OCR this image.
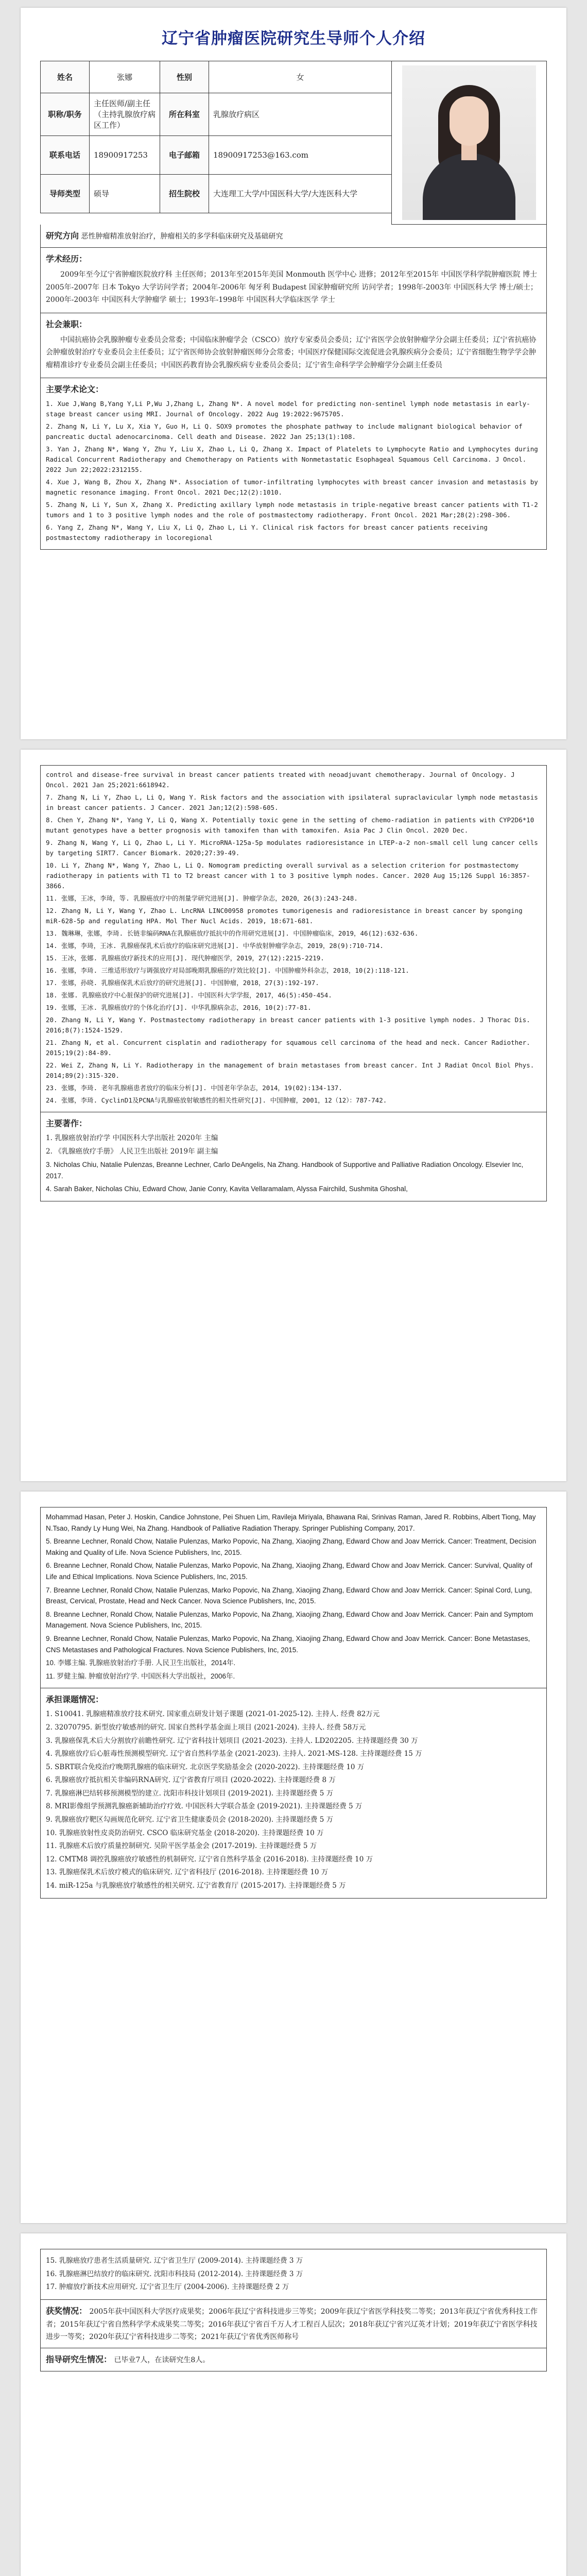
辽宁省肿瘤医院研究生导师个人介绍
姓名	张娜	性别	女	

职称/职务	主任医师/副主任（主持乳腺放疗病区工作）	所在科室	乳腺放疗病区	
联系电话	18900917253	电子邮箱	18900917253@163.com	
导师类型	硕导	招生院校	大连理工大学/中国医科大学/大连医科大学	

研究方向 恶性肿瘤精准放射治疗，肿瘤相关的多学科临床研究及基础研究
学术经历：
2009年至今辽宁省肿瘤医院放疗科 主任医师；2013年至2015年美国 Monmouth 医学中心 进修；2012年至2015年 中国医学科学院肿瘤医院 博士 2005年-2007年 日本 Tokyo 大学访问学者；2004年-2006年 匈牙利 Budapest 国家肿瘤研究所 访问学者；1998年-2003年 中国医科大学 博士/硕士；2000年-2003年 中国医科大学肿瘤学 硕士；1993年-1998年 中国医科大学临床医学 学士
社会兼职：
中国抗癌协会乳腺肿瘤专业委员会常委；中国临床肿瘤学会（CSCO）放疗专家委员会委员；辽宁省医学会放射肿瘤学分会副主任委员；辽宁省抗癌协会肿瘤放射治疗专业委员会主任委员；辽宁省医师协会放射肿瘤医师分会常委；中国医疗保健国际交流促进会乳腺疾病分会委员；辽宁省细胞生物学学会肿瘤精准诊疗专业委员会副主任委员；中国医药教育协会乳腺疾病专业委员会委员；辽宁省生命科学学会肿瘤学分会副主任委员
主要学术论文：
1. Xue J,Wang B,Yang Y,Li P,Wu J,Zhang L, Zhang N*. A novel model for predicting non-sentinel lymph node metastasis in early-stage breast cancer using MRI. Journal of Oncology. 2022 Aug 19:2022:9675705.
2. Zhang N, Li Y, Lu X, Xia Y, Guo H, Li Q. SOX9 promotes the phosphate pathway to include malignant biological behavior of pancreatic ductal adenocarcinoma. Cell death and Disease. 2022 Jan 25;13(1):108.
3. Yan J, Zhang N*, Wang Y, Zhu Y, Liu X, Zhao L, Li Q, Zhang X. Impact of Platelets to Lymphocyte Ratio and Lymphocytes during Radical Concurrent Radiotherapy and Chemotherapy on Patients with Nonmetastatic Esophageal Squamous Cell Carcinoma. J Oncol. 2022 Jun 22;2022:2312155.
4. Xue J, Wang B, Zhou X, Zhang N*. Association of tumor-infiltrating lymphocytes with breast cancer invasion and metastasis by magnetic resonance imaging. Front Oncol. 2021 Dec;12(2):1010.
5. Zhang N, Li Y, Sun X, Zhang X. Predicting axillary lymph node metastasis in triple-negative breast cancer patients with T1-2 tumors and 1 to 3 positive lymph nodes and the role of postmastectomy radiotherapy. Front Oncol. 2021 Mar;28(2):298-306.
6. Yang Z, Zhang N*, Wang Y, Liu X, Li Q, Zhao L, Li Y. Clinical risk factors for breast cancer patients receiving postmastectomy radiotherapy in locoregional
control and disease-free survival in breast cancer patients treated with neoadjuvant chemotherapy. Journal of Oncology. J Oncol. 2021 Jan 25;2021:6618942.
7. Zhang N, Li Y, Zhao L, Li Q, Wang Y. Risk factors and the association with ipsilateral supraclavicular lymph node metastasis in breast cancer patients. J Cancer. 2021 Jan;12(2):598-605.
8. Chen Y, Zhang N*, Yang Y, Li Q, Wang X. Potentially toxic gene in the setting of chemo-radiation in patients with CYP2D6*10 mutant genotypes have a better prognosis with tamoxifen than with tamoxifen. Asia Pac J Clin Oncol. 2020 Dec.
9. Zhang N, Wang Y, Li Q, Zhao L, Li Y. MicroRNA-125a-5p modulates radioresistance in LTEP-a-2 non-small cell lung cancer cells by targeting SIRT7. Cancer Biomark. 2020;27:39-49.
10. Li Y, Zhang N*, Wang Y, Zhao L, Li Q. Nomogram predicting overall survival as a selection criterion for postmastectomy radiotherapy in patients with T1 to T2 breast cancer with 1 to 3 positive lymph nodes. Cancer. 2020 Aug 15;126 Suppl 16:3857-3866.
11. 张娜，王冰，李琦，等. 乳腺癌放疗中的剂量学研究进展[J]. 肿瘤学杂志，2020，26(3):243-248.
12. Zhang N, Li Y, Wang Y, Zhao L. LncRNA LINC00958 promotes tumorigenesis and radioresistance in breast cancer by sponging miR-628-5p and regulating HPA. Mol Ther Nucl Acids. 2019, 18:671-681.
13. 魏琳琳，张娜，李琦. 长链非编码RNA在乳腺癌放疗抵抗中的作用研究进展[J]. 中国肿瘤临床，2019，46(12):632-636.
14. 张娜，李琦，王冰. 乳腺癌保乳术后放疗的临床研究进展[J]. 中华放射肿瘤学杂志，2019，28(9):710-714.
15. 王冰，张娜. 乳腺癌放疗新技术的应用[J]. 现代肿瘤医学，2019，27(12):2215-2219.
16. 张娜，李琦. 三维适形放疗与调强放疗对局部晚期乳腺癌的疗效比较[J]. 中国肿瘤外科杂志，2018，10(2):118-121.
17. 张娜，孙晓. 乳腺癌保乳术后放疗的研究进展[J]. 中国肿瘤，2018，27(3):192-197.
18. 张娜. 乳腺癌放疗中心脏保护的研究进展[J]. 中国医科大学学报，2017，46(5):450-454.
19. 张娜，王冰. 乳腺癌放疗的个体化治疗[J]. 中华乳腺病杂志，2016，10(2):77-81.
20. Zhang N, Li Y, Wang Y. Postmastectomy radiotherapy in breast cancer patients with 1-3 positive lymph nodes. J Thorac Dis. 2016;8(7):1524-1529.
21. Zhang N, et al. Concurrent cisplatin and radiotherapy for squamous cell carcinoma of the head and neck. Cancer Radiother. 2015;19(2):84-89.
22. Wei Z, Zhang N, Li Y. Radiotherapy in the management of brain metastases from breast cancer. Int J Radiat Oncol Biol Phys. 2014;89(2):315-320.
23. 张娜，李琦. 老年乳腺癌患者放疗的临床分析[J]. 中国老年学杂志，2014，19(02):134-137.
24. 张娜，李琦. CyclinD1及PCNA与乳腺癌放射敏感性的相关性研究[J]. 中国肿瘤，2001，12（12）：787-742.
主要著作：
1. 乳腺癌放射治疗学 中国医科大学出版社 2020年 主编
2. 《乳腺癌放疗手册》 人民卫生出版社 2019年 副主编
3. Nicholas Chiu, Natalie Pulenzas, Breanne Lechner, Carlo DeAngelis, Na Zhang. Handbook of Supportive and Palliative Radiation Oncology. Elsevier Inc, 2017.
4. Sarah Baker, Nicholas Chiu, Edward Chow, Janie Conry, Kavita Vellaramalam, Alyssa Fairchild, Sushmita Ghoshal,
Mohammad Hasan, Peter J. Hoskin, Candice Johnstone, Pei Shuen Lim, Ravileja Miriyala, Bhawana Rai, Srinivas Raman, Jared R. Robbins, Albert Tiong, May N.Tsao, Randy Ly Hung Wei, Na Zhang. Handbook of Palliative Radiation Therapy. Springer Publishing Company, 2017.
5. Breanne Lechner, Ronald Chow, Natalie Pulenzas, Marko Popovic, Na Zhang, Xiaojing Zhang, Edward Chow and Joav Merrick. Cancer: Treatment, Decision Making and Quality of Life. Nova Science Publishers, Inc, 2015.
6. Breanne Lechner, Ronald Chow, Natalie Pulenzas, Marko Popovic, Na Zhang, Xiaojing Zhang, Edward Chow and Joav Merrick. Cancer: Survival, Quality of Life and Ethical Implications. Nova Science Publishers, Inc, 2015.
7. Breanne Lechner, Ronald Chow, Natalie Pulenzas, Marko Popovic, Na Zhang, Xiaojing Zhang, Edward Chow and Joav Merrick. Cancer: Spinal Cord, Lung, Breast, Cervical, Prostate, Head and Neck Cancer. Nova Science Publishers, Inc, 2015.
8. Breanne Lechner, Ronald Chow, Natalie Pulenzas, Marko Popovic, Na Zhang, Xiaojing Zhang, Edward Chow and Joav Merrick. Cancer: Pain and Symptom Management. Nova Science Publishers, Inc, 2015.
9. Breanne Lechner, Ronald Chow, Natalie Pulenzas, Marko Popovic, Na Zhang, Xiaojing Zhang, Edward Chow and Joav Merrick. Cancer: Bone Metastases, CNS Metastases and Pathological Fractures. Nova Science Publishers, Inc, 2015.
10. 李娜主编. 乳腺癌放射治疗手册. 人民卫生出版社，2014年.
11. 罗健主编. 肿瘤放射治疗学. 中国医科大学出版社，2006年.
承担课题情况：
1. S10041. 乳腺癌精准放疗技术研究. 国家重点研发计划子课题 (2021-01-2025-12). 主持人. 经费 82万元
2. 32070795. 新型放疗敏感剂的研究. 国家自然科学基金面上项目 (2021-2024). 主持人. 经费 58万元
3. 乳腺癌保乳术后大分割放疗前瞻性研究. 辽宁省科技计划项目 (2021-2023). 主持人. LD202205. 主持课题经费 30 万
4. 乳腺癌放疗后心脏毒性预测模型研究. 辽宁省自然科学基金 (2021-2023). 主持人. 2021-MS-128. 主持课题经费 15 万
5. SBRT联合免疫治疗晚期乳腺癌的临床研究. 北京医学奖励基金会 (2020-2022). 主持课题经费 10 万
6. 乳腺癌放疗抵抗相关非编码RNA研究. 辽宁省教育厅项目 (2020-2022). 主持课题经费 8 万
7. 乳腺癌淋巴结转移预测模型的建立. 沈阳市科技计划项目 (2019-2021). 主持课题经费 5 万
8. MRI影像组学预测乳腺癌新辅助治疗疗效. 中国医科大学联合基金 (2019-2021). 主持课题经费 5 万
9. 乳腺癌放疗靶区勾画规范化研究. 辽宁省卫生健康委员会 (2018-2020). 主持课题经费 5 万
10. 乳腺癌放射性皮炎防治研究. CSCO 临床研究基金 (2018-2020). 主持课题经费 10 万
11. 乳腺癌术后放疗质量控制研究. 吴阶平医学基金会 (2017-2019). 主持课题经费 5 万
12. CMTM8 调控乳腺癌放疗敏感性的机制研究. 辽宁省自然科学基金 (2016-2018). 主持课题经费 10 万
13. 乳腺癌保乳术后放疗模式的临床研究. 辽宁省科技厅 (2016-2018). 主持课题经费 10 万
14. miR-125a 与乳腺癌放疗敏感性的相关研究. 辽宁省教育厅 (2015-2017). 主持课题经费 5 万
15. 乳腺癌放疗患者生活质量研究. 辽宁省卫生厅 (2009-2014). 主持课题经费 3 万
16. 乳腺癌淋巴结放疗的临床研究. 沈阳市科技局 (2012-2014). 主持课题经费 3 万
17. 肿瘤放疗新技术应用研究. 辽宁省卫生厅 (2004-2006). 主持课题经费 2 万
获奖情况： 2005年获中国医科大学医疗成果奖；2006年获辽宁省科技进步三等奖；2009年获辽宁省医学科技奖二等奖；2013年获辽宁省优秀科技工作者；2015年获辽宁省自然科学学术成果奖二等奖；2016年获辽宁省百千万人才工程百人层次；2018年获辽宁省兴辽英才计划；2019年获辽宁省医学科技进步一等奖；2020年获辽宁省科技进步二等奖；2021年获辽宁省优秀医师称号
指导研究生情况： 已毕业7人，在读研究生8人。
